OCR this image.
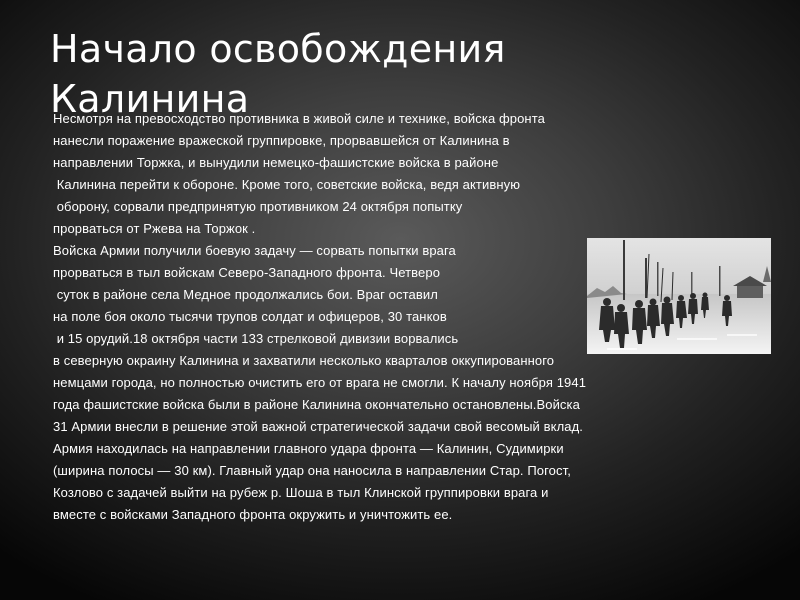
Начало освобождения Калинина

Несмотря на превосходство противника в живой силе и технике, войска фронта

нанесли поражение вражеской группировке, прорвавшейся от Калинина в

направлении Торжка, и вынудили немецко-фашистские войска в районе

Калинина перейти к обороне. Кроме того, советские войска, ведя активную

оборону, сорвали предпринятую противником 24 октября попытку

прорваться от Ржева на Торжок .

Войска Армии получили боевую задачу — сорвать попытки врага

прорваться в тыл войскам Северо-Западного фронта. Четверо

суток в районе села Медное продолжались бои. Враг оставил

на поле боя около тысячи трупов солдат и офицеров, 30 танков

и 15 орудий.18 октября части 133 стрелковой дивизии ворвались

в северную окраину Калинина и захватили несколько кварталов оккупированного

немцами города, но полностью очистить его от врага не смогли. К началу ноября 1941

года фашистские войска были в районе Калинина окончательно остановлены.Войска

31 Армии внесли в решение этой важной стратегической задачи свой весомый вклад.

Армия находилась на направлении главного удара фронта — Калинин, Судимирки

(ширина полосы — 30 км). Главный удар она наносила в направлении Стар. Погост,

Козлово с задачей выйти на рубеж р. Шоша в тыл Клинской группировки врага и

вместе с войсками Западного фронта окружить и уничтожить ее.
